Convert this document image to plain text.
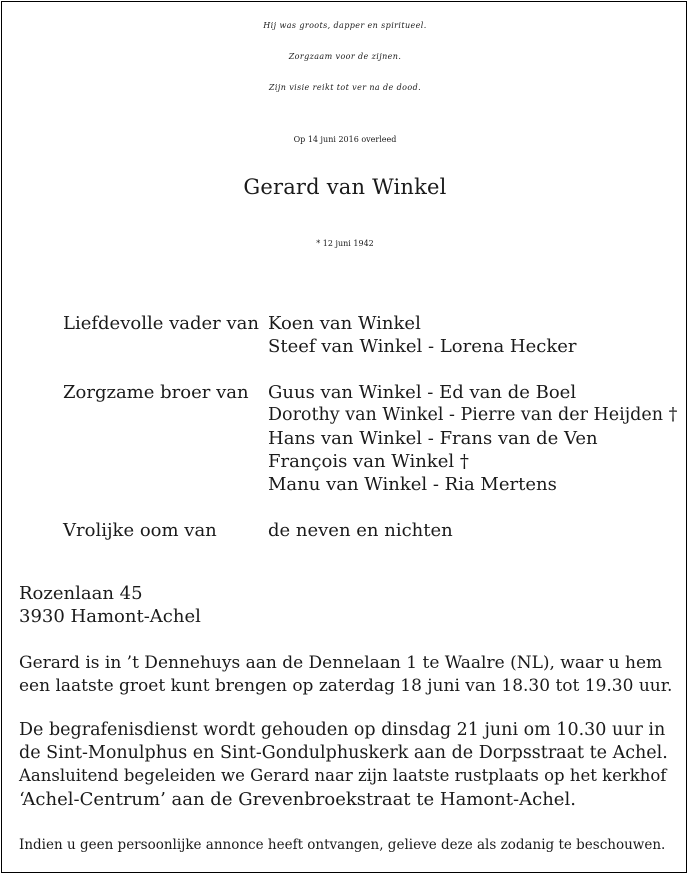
Hij was groots, dapper en spiritueel.
Zorgzaam voor de zijnen.
Zijn visie reikt tot ver na de dood.
Op 14 juni 2016 overleed
Gerard van Winkel
* 12 juni 1942
Liefdevolle vader van Koen van Winkel
Steef van Winkel - Lorena Hecker
Zorgzame broer van Guus van Winkel - Ed van de Boel
Dorothy van Winkel - Pierre van der Heijden †
Hans van Winkel - Frans van de Ven
François van Winkel †
Manu van Winkel - Ria Mertens
Vrolijke oom van	de neven en nichten
Rozenlaan 45
3930 Hamont-Achel
Gerard is in ’t Dennehuys aan de Dennelaan 1 te Waalre (NL), waar u hem
een laatste groet kunt brengen op zaterdag 18 juni van 18.30 tot 19.30 uur.
De begrafenisdienst wordt gehouden op dinsdag 21 juni om 10.30 uur in
de Sint-Monulphus en Sint-Gondulphuskerk aan de Dorpsstraat te Achel.
Aansluitend begeleiden we Gerard naar zijn laatste rustplaats op het kerkhof
‘Achel-Centrum’ aan de Grevenbroekstraat te Hamont-Achel.
Indien u geen persoonlijke annonce heeft ontvangen, gelieve deze als zodanig te beschouwen.
